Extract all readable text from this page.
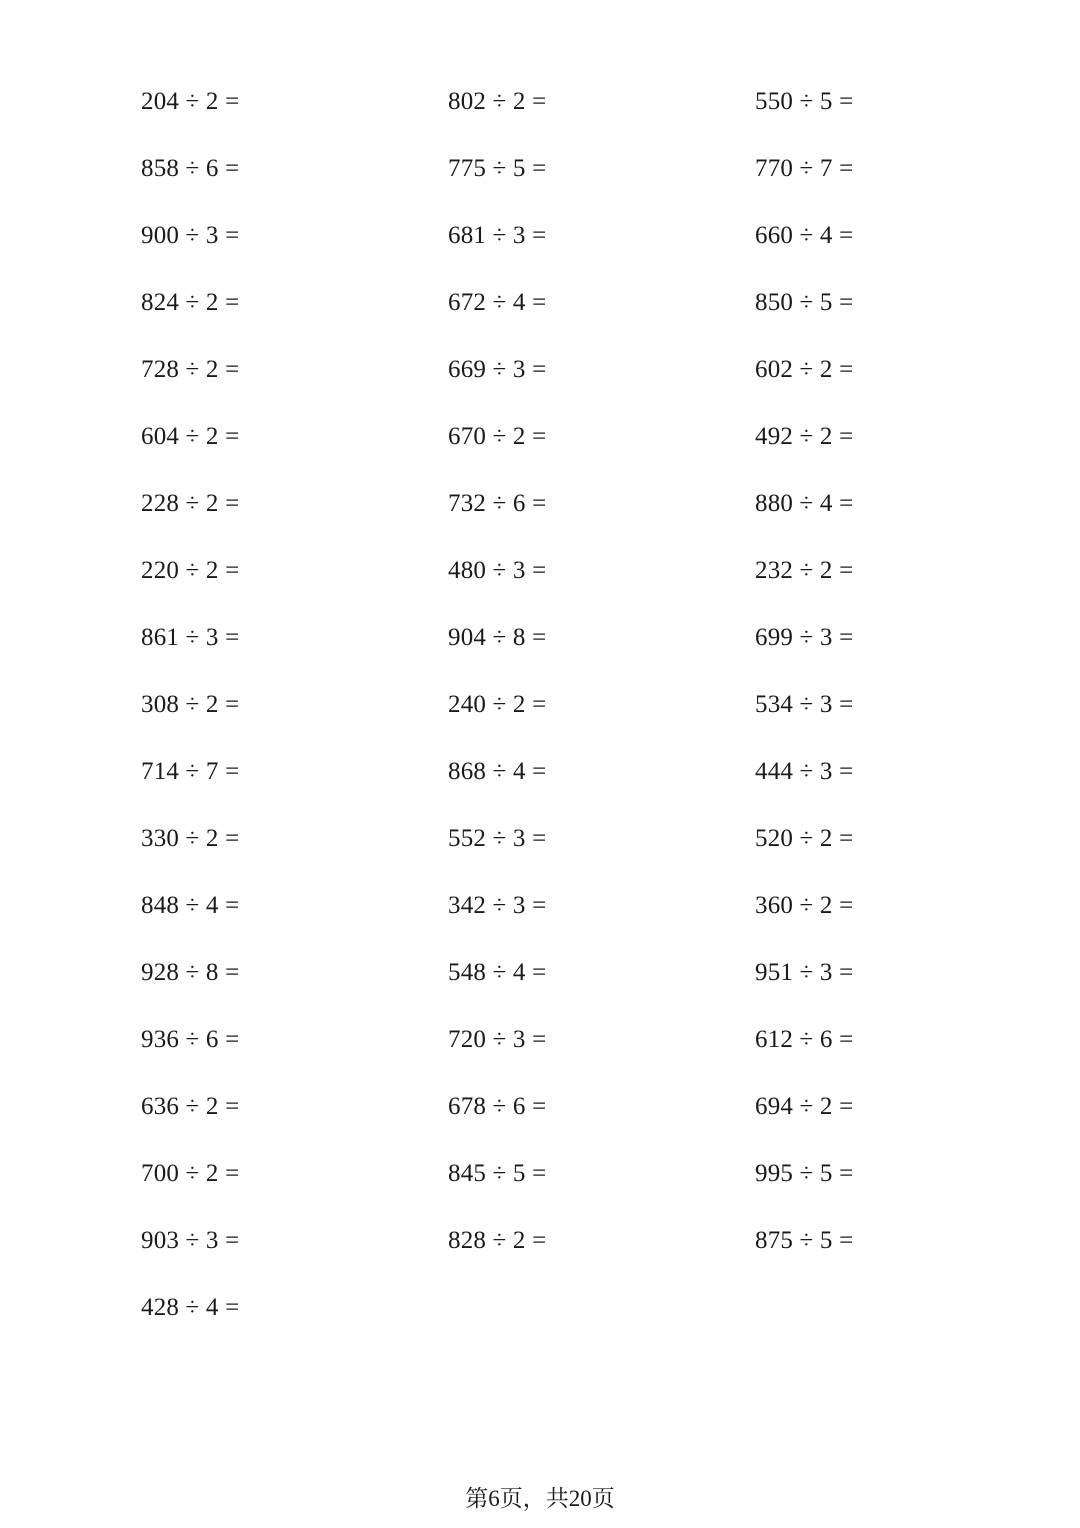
204 ÷ 2 =
858 ÷ 6 =
900 ÷ 3 =
824 ÷ 2 =
728 ÷ 2 =
604 ÷ 2 =
228 ÷ 2 =
220 ÷ 2 =
861 ÷ 3 =
308 ÷ 2 =
714 ÷ 7 =
330 ÷ 2 =
848 ÷ 4 =
928 ÷ 8 =
936 ÷ 6 =
636 ÷ 2 =
700 ÷ 2 =
903 ÷ 3 =
428 ÷ 4 =
802 ÷ 2 =
775 ÷ 5 =
681 ÷ 3 =
672 ÷ 4 =
669 ÷ 3 =
670 ÷ 2 =
732 ÷ 6 =
480 ÷ 3 =
904 ÷ 8 =
240 ÷ 2 =
868 ÷ 4 =
552 ÷ 3 =
342 ÷ 3 =
548 ÷ 4 =
720 ÷ 3 =
678 ÷ 6 =
845 ÷ 5 =
828 ÷ 2 =
550 ÷ 5 =
770 ÷ 7 =
660 ÷ 4 =
850 ÷ 5 =
602 ÷ 2 =
492 ÷ 2 =
880 ÷ 4 =
232 ÷ 2 =
699 ÷ 3 =
534 ÷ 3 =
444 ÷ 3 =
520 ÷ 2 =
360 ÷ 2 =
951 ÷ 3 =
612 ÷ 6 =
694 ÷ 2 =
995 ÷ 5 =
875 ÷ 5 =
第6页，共20页
